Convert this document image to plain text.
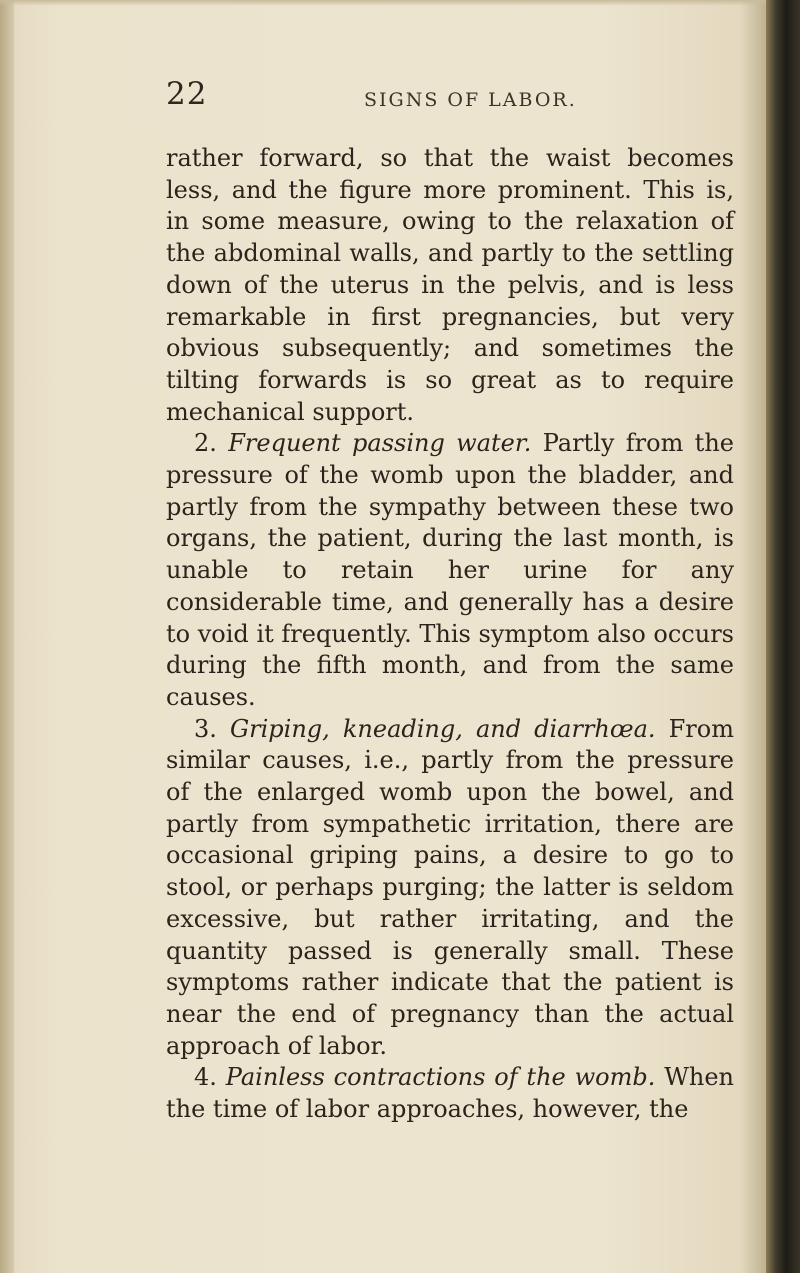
22	SIGNS OF LABOR.

rather forward, so that the waist becomes less, and the figure more prominent. This is, in some measure, owing to the relaxation of the abdominal walls, and partly to the settling down of the uterus in the pelvis, and is less remarkable in first pregnancies, but very obvious subsequently; and sometimes the tilting forwards is so great as to require mechanical support.

2. Frequent passing water. Partly from the pressure of the womb upon the bladder, and partly from the sympathy between these two organs, the patient, during the last month, is unable to retain her urine for any considerable time, and generally has a desire to void it frequently. This symptom also occurs during the fifth month, and from the same causes.

3. Griping, kneading, and diarrhœa. From similar causes, i.e., partly from the pressure of the enlarged womb upon the bowel, and partly from sympathetic irritation, there are occasional griping pains, a desire to go to stool, or perhaps purging; the latter is seldom excessive, but rather irritating, and the quantity passed is generally small. These symptoms rather indicate that the patient is near the end of pregnancy than the actual approach of labor.

4. Painless contractions of the womb. When the time of labor approaches, however, the
